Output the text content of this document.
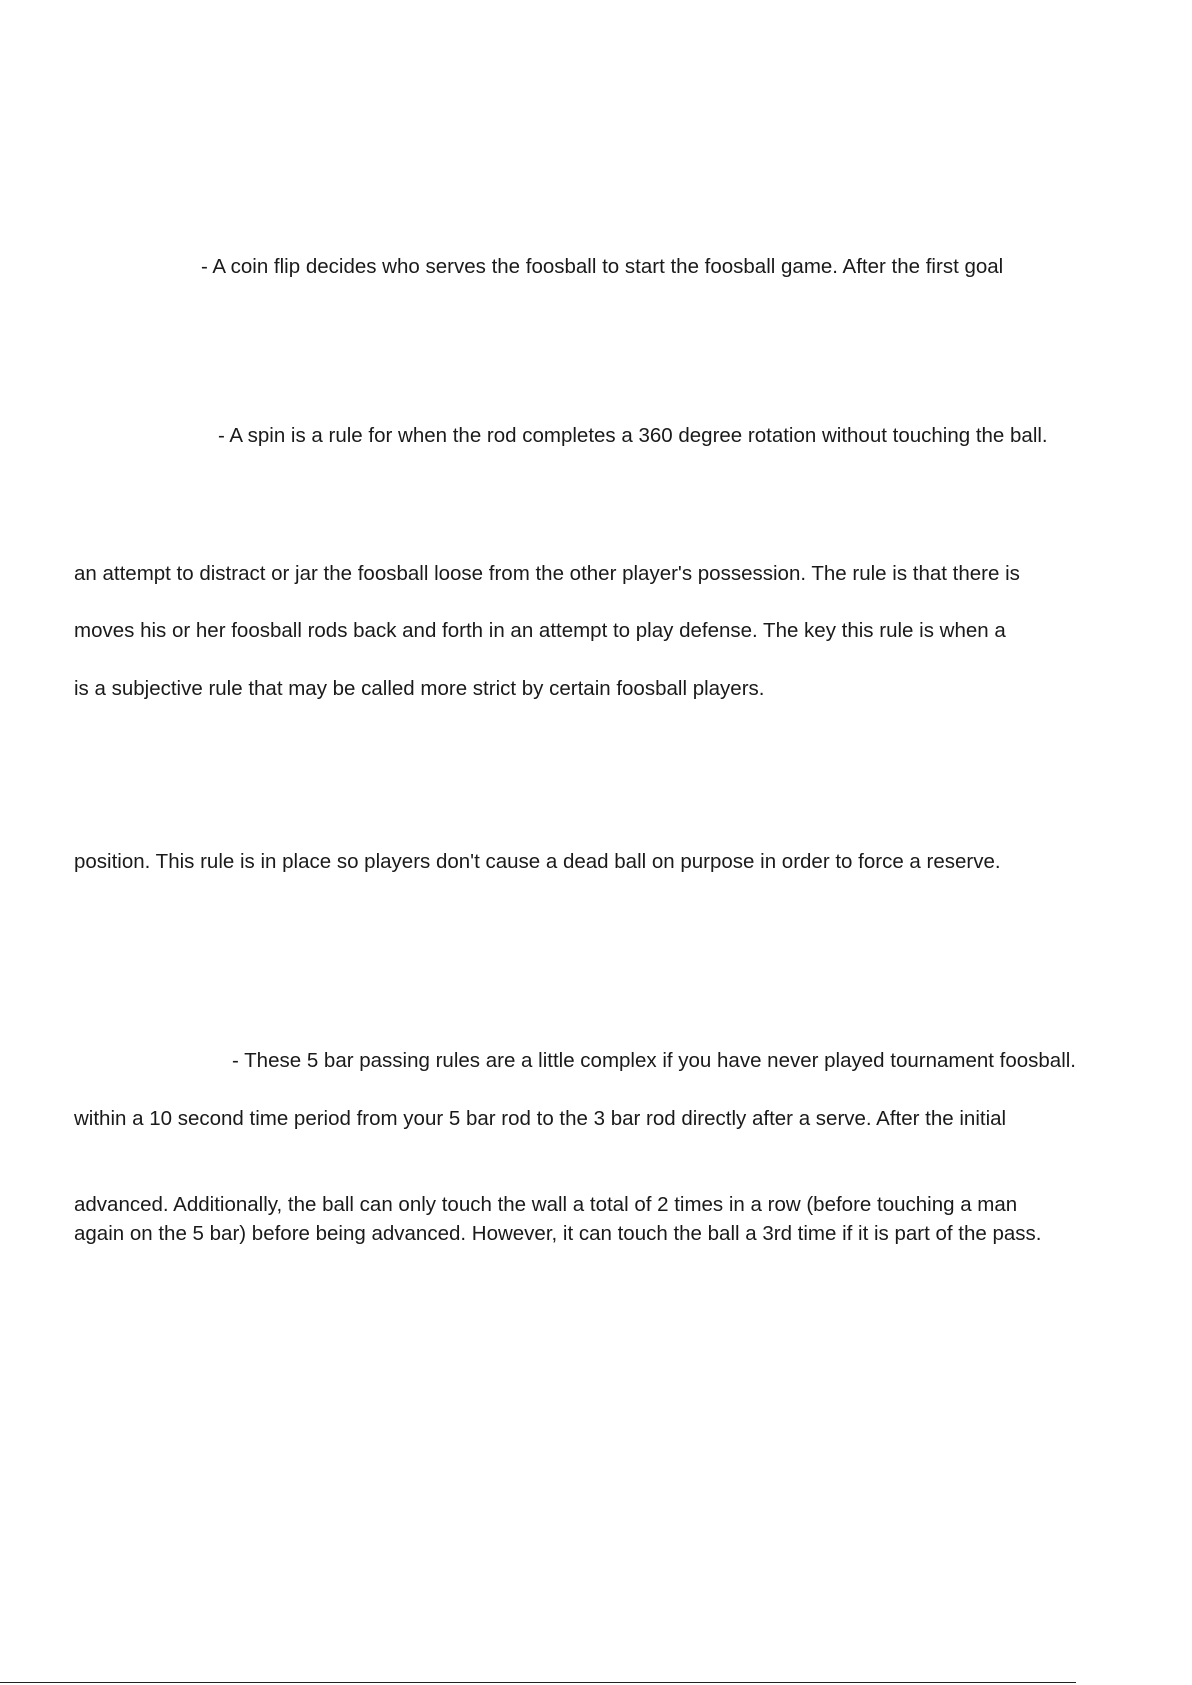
- A coin flip decides who serves the foosball to start the foosball game. After the first goal
- A spin is a rule for when the rod completes a 360 degree rotation without touching the ball.
an attempt to distract or jar the foosball loose from the other player's possession. The rule is that there is
moves his or her foosball rods back and forth in an attempt to play defense. The key this rule is when a
is a subjective rule that may be called more strict by certain foosball players.
position. This rule is in place so players don't cause a dead ball on purpose in order to force a reserve.
- These 5 bar passing rules are a little complex if you have never played tournament foosball.
within a 10 second time period from your 5 bar rod to the 3 bar rod directly after a serve. After the initial
advanced. Additionally, the ball can only touch the wall a total of 2 times in a row (before touching a man
again on the 5 bar) before being advanced. However, it can touch the ball a 3rd time if it is part of the pass.
